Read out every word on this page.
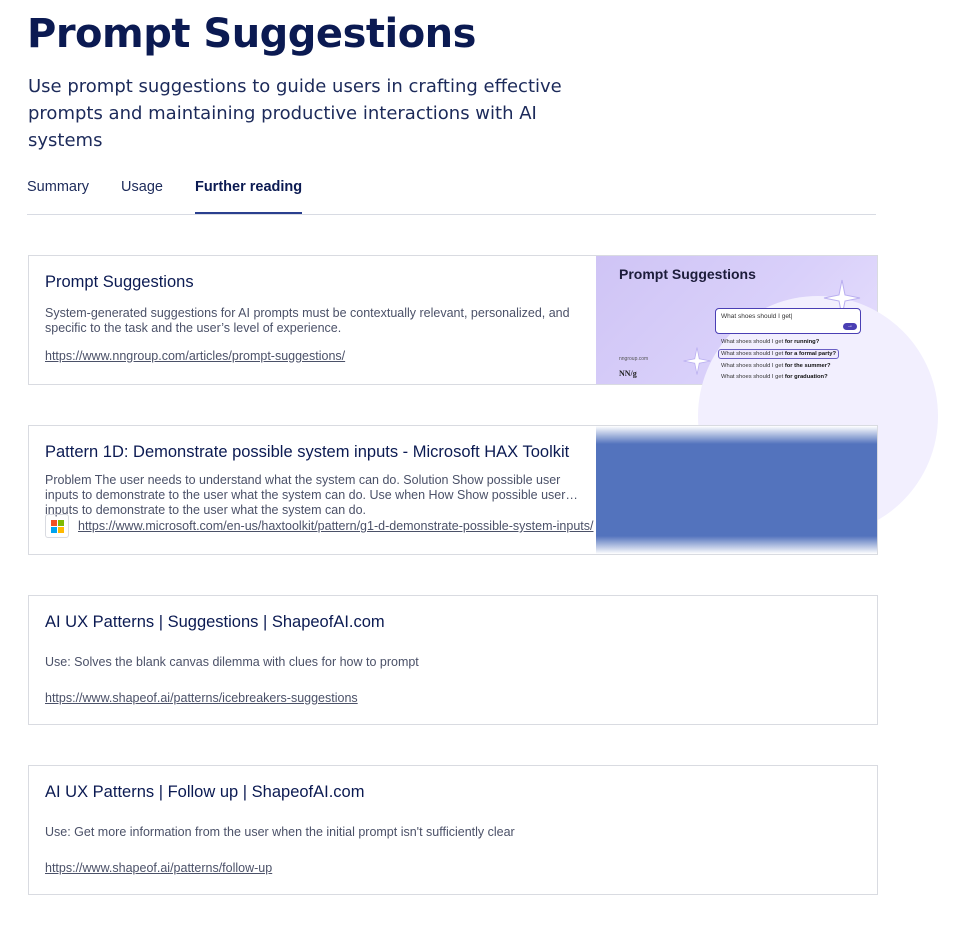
Prompt Suggestions

Use prompt suggestions to guide users in crafting effective prompts and maintaining productive interactions with AI systems

Summary Usage Further reading
Prompt Suggestions
System-generated suggestions for AI prompts must be contextually relevant, personalized, and specific to the task and the user’s level of experience.
https://www.nngroup.com/articles/prompt-suggestions/
Prompt Suggestions
What shoes should I get|
→
What shoes should I get for running?
What shoes should I get for a formal party?
What shoes should I get for the summer?
What shoes should I get for graduation?
nngroup.com
NN/g
Pattern 1D: Demonstrate possible system inputs - Microsoft HAX Toolkit
Problem The user needs to understand what the system can do. Solution Show possible user inputs to demonstrate to the user what the system can do. Use when How Show possible user inputs to demonstrate to the user what the system can do.
https://www.microsoft.com/en-us/haxtoolkit/pattern/g1-d-demonstrate-possible-system-inputs/
AI UX Patterns | Suggestions | ShapeofAI.com
Use: Solves the blank canvas dilemma with clues for how to prompt
https://www.shapeof.ai/patterns/icebreakers-suggestions
AI UX Patterns | Follow up | ShapeofAI.com
Use: Get more information from the user when the initial prompt isn't sufficiently clear
https://www.shapeof.ai/patterns/follow-up
